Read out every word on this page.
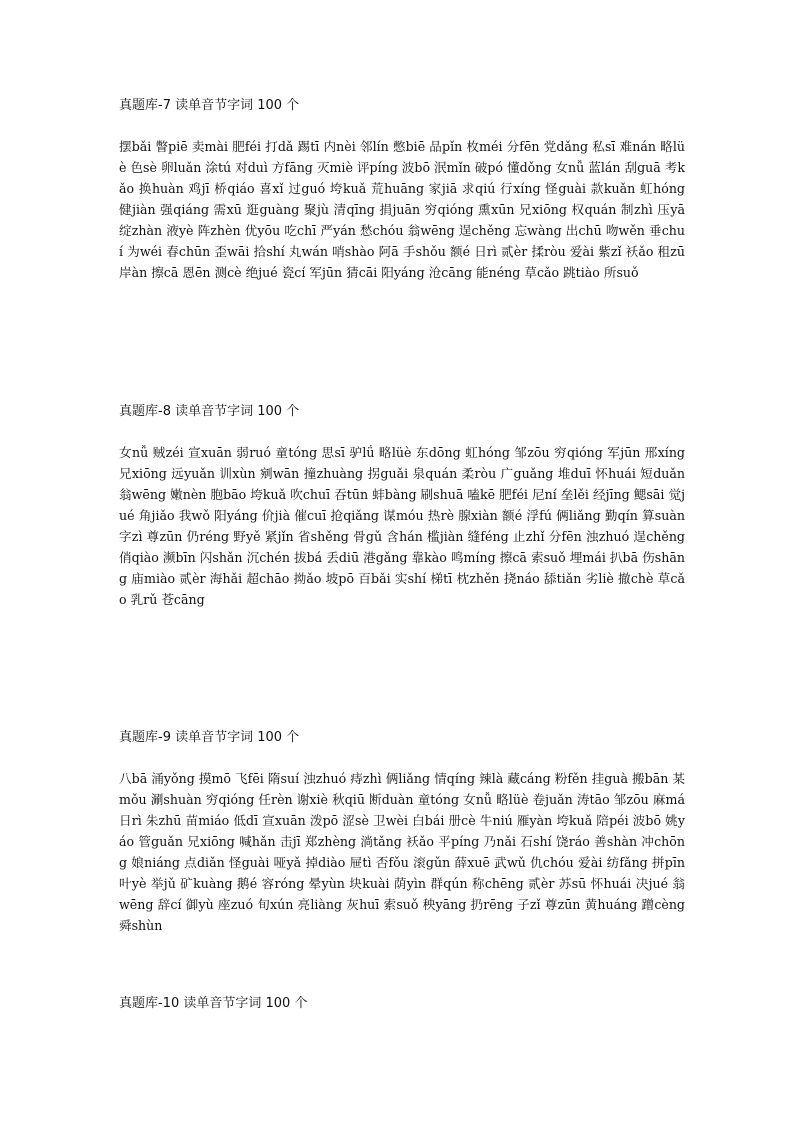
真题库-7 读单音节字词 100 个

摆bǎi 瞥piē 卖mài 肥féi 打dǎ 踢tī 内nèi 邻lín 憋biē 品pǐn 枚méi 分fēn 党dǎng 私sī 难nán 略lüè 色sè 卵luǎn 涂tú 对duì 方fāng 灭miè 评píng 波bō 泯mǐn 破pó 懂dǒng 女nǚ 蓝lán 刮guā 考kǎo 换huàn 鸡jī 桥qiáo 喜xǐ 过guó 垮kuǎ 荒huāng 家jiā 求qiú 行xíng 怪guài 款kuǎn 虹hóng 健jiàn 强qiáng 需xū 逛guàng 聚jù 清qīng 捐juān 穷qióng 熏xūn 兄xiōng 权quán 制zhì 压yā 绽zhàn 液yè 阵zhèn 优yōu 吃chī 严yán 愁chóu 翁wēng 逞chěng 忘wàng 出chū 吻wěn 垂chuí 为wéi 春chūn 歪wāi 拾shí 丸wán 哨shào 阿ā 手shǒu 额é 日rì 贰èr 揉ròu 爱ài 紫zǐ 袄ǎo 租zū 岸àn 擦cā 恩ēn 测cè 绝jué 瓷cí 军jūn 猜cāi 阳yáng 沧cāng 能néng 草cǎo 跳tiào 所suǒ

真题库-8 读单音节字词 100 个

女nǚ 贼zéi 宣xuān 弱ruó 童tóng 思sī 驴lǘ 略lüè 东dōng 虹hóng 邹zōu 穷qióng 军jūn 邢xíng 兄xiōng 远yuǎn 训xùn 剜wān 撞zhuàng 拐guǎi 泉quán 柔ròu 广guǎng 堆duī 怀huái 短duǎn 翁wēng 嫩nèn 胞bāo 垮kuǎ 吹chuī 吞tūn 蚌bàng 刷shuā 嗑kē 肥féi 尼ní 垒lěi 经jīng 鳃sāi 觉jué 角jiǎo 我wǒ 阳yáng 价jià 催cuī 抢qiǎng 谋móu 热rè 腺xiàn 额é 浮fú 俩liǎng 勤qín 算suàn 字zì 尊zūn 仍réng 野yě 紧jǐn 省shěng 骨gǔ 含hán 槛jiàn 缝féng 止zhǐ 分fēn 浊zhuó 逞chěng 俏qiào 濒bīn 闪shǎn 沉chén 拔bá 丢diū 港gǎng 靠kào 鸣míng 擦cā 索suǒ 埋mái 扒bā 伤shāng 庙miào 贰èr 海hǎi 超chāo 拗ǎo 坡pō 百bǎi 实shí 梯tī 枕zhěn 挠náo 舔tiǎn 劣liè 撤chè 草cǎo 乳rǔ 苍cāng

真题库-9 读单音节字词 100 个

八bā 涌yǒng 摸mō 飞fēi 隋suí 浊zhuó 痔zhì 俩liǎng 情qíng 辣là 藏cáng 粉fěn 挂guà 搬bān 某mǒu 涮shuàn 穷qióng 任rèn 谢xiè 秋qiū 断duàn 童tóng 女nǚ 略lüè 卷juǎn 涛tāo 邹zōu 麻má 日rì 朱zhū 苗miáo 低dī 宣xuān 泼pō 涩sè 卫wèi 白bái 册cè 牛niú 雁yàn 垮kuǎ 陪péi 波bō 姚yáo 管guǎn 兄xiōng 喊hǎn 击jī 郑zhèng 淌tǎng 袄ǎo 平píng 乃nǎi 石shí 饶ráo 善shàn 冲chōng 娘niáng 点diǎn 怪guài 哑yǎ 掉diào 屉tì 否fǒu 滚gǔn 薛xuē 武wǔ 仇chóu 爱ài 纺fǎng 拼pīn 叶yè 举jǔ 矿kuàng 鹅é 容róng 晕yùn 块kuài 荫yìn 群qún 称chēng 贰èr 苏sū 怀huái 决jué 翁wēng 辞cí 御yù 座zuó 旬xún 亮liàng 灰huī 索suǒ 秧yāng 扔rēng 子zǐ 尊zūn 黄huáng 蹭cèng 舜shùn

真题库-10 读单音节字词 100 个
